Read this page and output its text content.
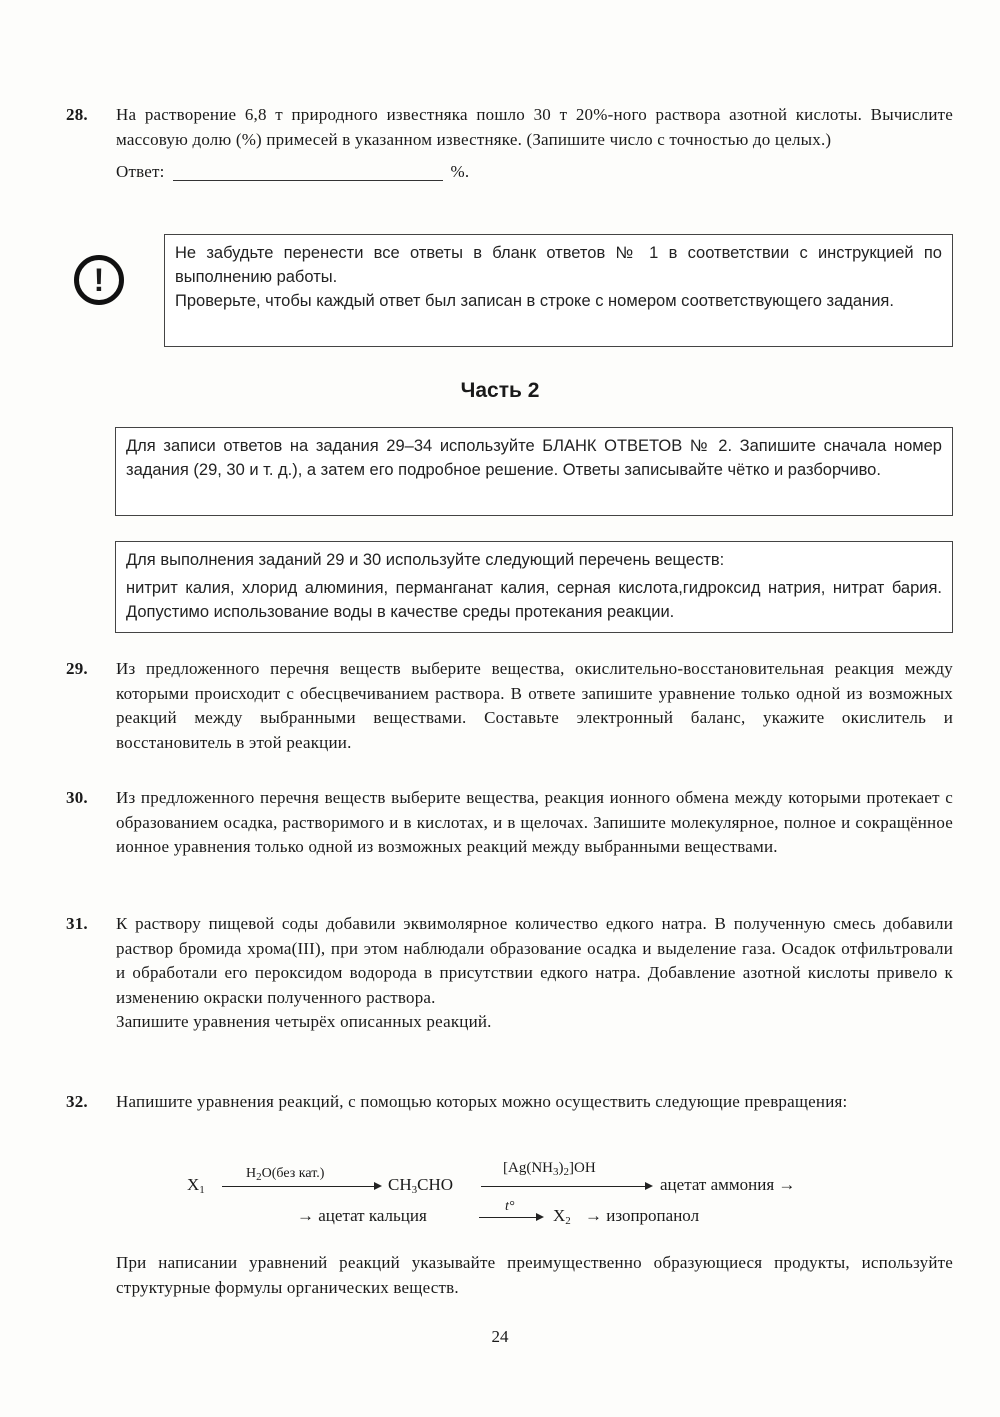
28. На растворение 6,8 т природного известняка пошло 30 т 20%-ного раствора азотной кислоты. Вычислите массовую долю (%) примесей в указанном известняке. (Запишите число с точностью до целых.)

Ответ:	%.
!

Не забудьте перенести все ответы в бланк ответов № 1 в соответствии с инструкцией по выполнению работы.

Проверьте, чтобы каждый ответ был записан в строке с номером соответствующего задания.

Часть 2

Для записи ответов на задания 29–34 используйте БЛАНК ОТВЕТОВ № 2. Запишите сначала номер задания (29, 30 и т. д.), а затем его подробное решение. Ответы записывайте чётко и разборчиво.

Для выполнения заданий 29 и 30 используйте следующий перечень веществ:

нитрит калия, хлорид алюминия, перманганат калия, серная кислота,гидроксид натрия, нитрат бария. Допустимо использование воды в качестве среды протекания реакции.

29. Из предложенного перечня веществ выберите вещества, окислительно-восстановительная реакция между которыми происходит с обесцвечиванием раствора. В ответе запишите уравнение только одной из возможных реакций между выбранными веществами. Составьте электронный баланс, укажите окислитель и восстановитель в этой реакции.

30. Из предложенного перечня веществ выберите вещества, реакция ионного обмена между которыми протекает с образованием осадка, растворимого и в кислотах, и в щелочах. Запишите молекулярное, полное и сокращённое ионное уравнения только одной из возможных реакций между выбранными веществами.

31. К раствору пищевой соды добавили эквимолярное количество едкого натра. В полученную смесь добавили раствор бромида хрома(III), при этом наблюдали образование осадка и выделение газа. Осадок отфильтровали и обработали его пероксидом водорода в присутствии едкого натра. Добавление азотной кислоты привело к изменению окраски полученного раствора.

Запишите уравнения четырёх описанных реакций.

32. Напишите уравнения реакций, с помощью которых можно осуществить следующие превращения:

$X_1$
$H_2O(без$ кат.)
$CH_3CHO$
$[Ag(NH_3)_2]OH$
ацетат аммония →
→ ацетат кальция	t° $X_2$ → изопропанол

При написании уравнений реакций указывайте преимущественно образующиеся продукты, используйте структурные формулы органических веществ.

24
